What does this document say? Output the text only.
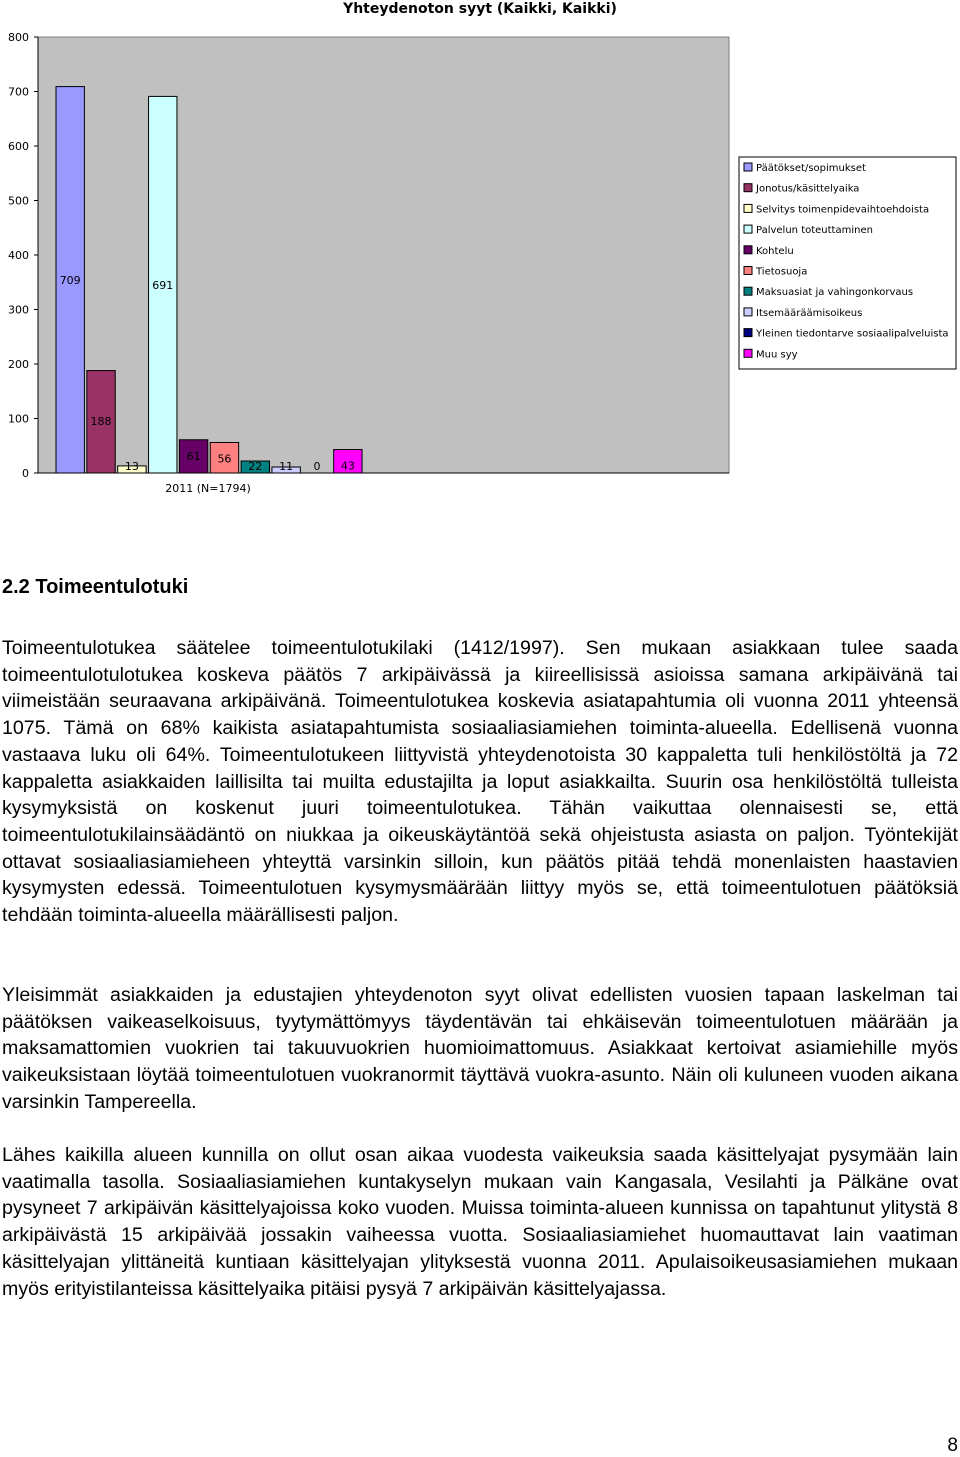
Yhteydenoton syyt (Kaikki, Kaikki)
0
100
200
300
400
500
600
700
800
709
188
13
691
61 56
22 11 0 43
2011 (N=1794)
Päätökset/sopimukset
Jonotus/käsittelyaika
Selvitys toimenpidevaihtoehdoista
Palvelun toteuttaminen
Kohtelu
Tietosuoja
Maksuasiat ja vahingonkorvaus
Itsemääräämisoikeus
Yleinen tiedontarve sosiaalipalveluista
Muu syy
2.2 Toimeentulotuki

Toimeentulotukea säätelee toimeentulotukilaki (1412/1997). Sen mukaan asiakkaan tulee saada toimeentulotulotukea koskeva päätös 7 arkipäivässä ja kiireellisissä asioissa samana arkipäivänä tai viimeistään seuraavana arkipäivänä. Toimeentulotukea koskevia asiatapahtumia oli vuonna 2011 yhteensä 1075. Tämä on 68% kaikista asiatapahtumista sosiaaliasiamiehen toiminta-alueella. Edellisenä vuonna vastaava luku oli 64%. Toimeentulotukeen liittyvistä yhteydenotoista 30 kappaletta tuli henkilöstöltä ja 72 kappaletta asiakkaiden laillisilta tai muilta edustajilta ja loput asiakkailta. Suurin osa henkilöstöltä tulleista kysymyksistä on koskenut juuri toimeentulotukea. Tähän vaikuttaa olennaisesti se, että toimeentulotukilainsäädäntö on niukkaa ja oikeuskäytäntöä sekä ohjeistusta asiasta on paljon. Työntekijät ottavat sosiaaliasiamieheen yhteyttä varsinkin silloin, kun päätös pitää tehdä monenlaisten haastavien kysymysten edessä. Toimeentulotuen kysymysmäärään liittyy myös se, että toimeentulotuen päätöksiä tehdään toiminta-alueella määrällisesti paljon.

Yleisimmät asiakkaiden ja edustajien yhteydenoton syyt olivat edellisten vuosien tapaan laskelman tai päätöksen vaikeaselkoisuus, tyytymättömyys täydentävän tai ehkäisevän toimeentulotuen määrään ja maksamattomien vuokrien tai takuuvuokrien huomioimattomuus. Asiakkaat kertoivat asiamiehille myös vaikeuksistaan löytää toimeentulotuen vuokranormit täyttävä vuokra-asunto. Näin oli kuluneen vuoden aikana varsinkin Tampereella.

Lähes kaikilla alueen kunnilla on ollut osan aikaa vuodesta vaikeuksia saada käsittelyajat pysymään lain vaatimalla tasolla. Sosiaaliasiamiehen kuntakyselyn mukaan vain Kangasala, Vesilahti ja Pälkäne ovat pysyneet 7 arkipäivän käsittelyajoissa koko vuoden. Muissa toiminta-alueen kunnissa on tapahtunut ylitystä 8 arkipäivästä 15 arkipäivää jossakin vaiheessa vuotta. Sosiaaliasiamiehet huomauttavat lain vaatiman käsittelyajan ylittäneitä kuntiaan käsittelyajan ylityksestä vuonna 2011. Apulaisoikeusasiamiehen mukaan myös erityistilanteissa käsittelyaika pitäisi pysyä 7 arkipäivän käsittelyajassa.

8
